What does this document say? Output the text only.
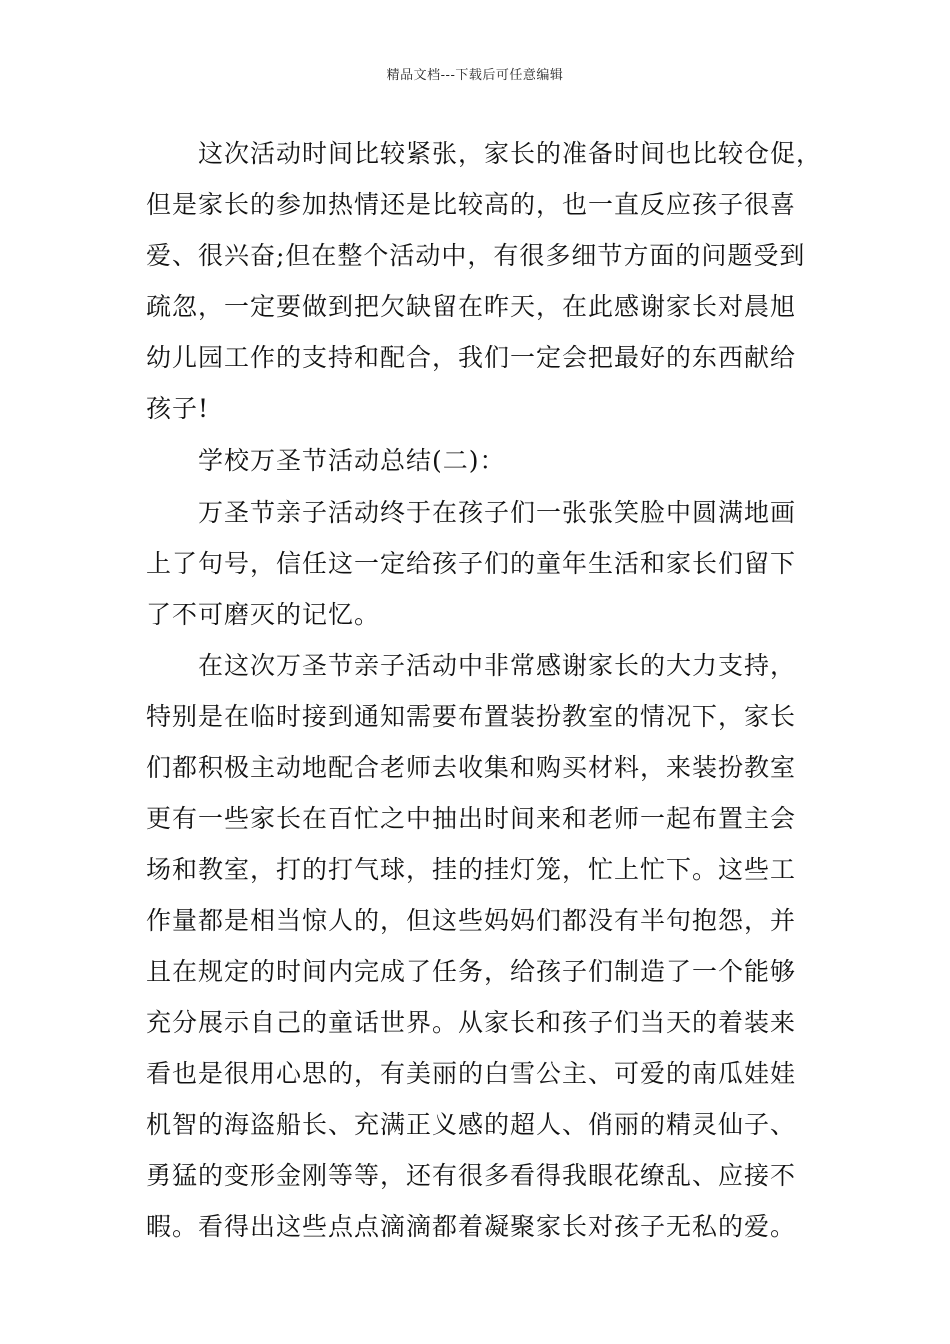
精品文档---下载后可任意编辑
这次活动时间比较紧张，家长的准备时间也比较仓促，
但是家长的参加热情还是比较高的，也一直反应孩子很喜
爱、很兴奋;但在整个活动中，有很多细节方面的问题受到
疏忽，一定要做到把欠缺留在昨天，在此感谢家长对晨旭
幼儿园工作的支持和配合，我们一定会把最好的东西献给
孩子!
学校万圣节活动总结(二)：
万圣节亲子活动终于在孩子们一张张笑脸中圆满地画
上了句号，信任这一定给孩子们的童年生活和家长们留下
了不可磨灭的记忆。
在这次万圣节亲子活动中非常感谢家长的大力支持，
特别是在临时接到通知需要布置装扮教室的情况下，家长
们都积极主动地配合老师去收集和购买材料，来装扮教室
更有一些家长在百忙之中抽出时间来和老师一起布置主会
场和教室，打的打气球，挂的挂灯笼，忙上忙下。这些工
作量都是相当惊人的，但这些妈妈们都没有半句抱怨，并
且在规定的时间内完成了任务，给孩子们制造了一个能够
充分展示自己的童话世界。从家长和孩子们当天的着装来
看也是很用心思的，有美丽的白雪公主、可爱的南瓜娃娃
机智的海盗船长、充满正义感的超人、俏丽的精灵仙子、
勇猛的变形金刚等等，还有很多看得我眼花缭乱、应接不
暇。看得出这些点点滴滴都着凝聚家长对孩子无私的爱。
